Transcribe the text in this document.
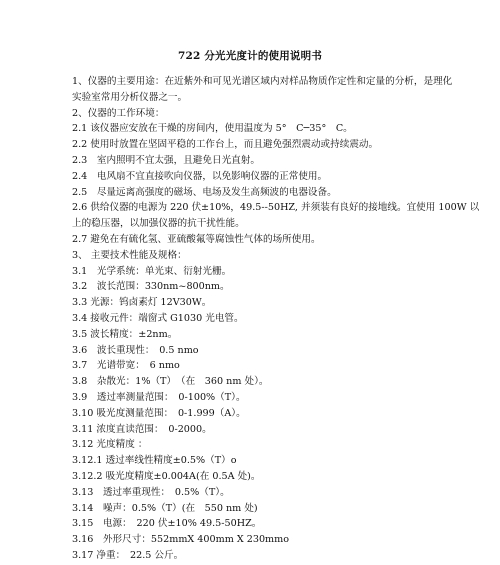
722 分光光度计的使用说明书
1、仪器的主要用途：在近紫外和可见光谱区域内对样品物质作定性和定量的分析，是理化
实验室常用分析仪器之一。
2、仪器的工作环境：
2.1 该仪器应安放在干燥的房间内，使用温度为 5°　C─35°　C。
2.2 使用时放置在坚固平稳的工作台上，而且避免强烈震动或持续震动。
2.3　室内照明不宜太强，且避免日光直射。
2.4　电风扇不宜直接吹向仪器，以免影响仪器的正常使用。
2.5　尽量远离高强度的磁场、电场及发生高频波的电器设备。
2.6 供给仪器的电源为 220 伏±10%，49.5--50HZ, 并须装有良好的接地线。宜使用 100W 以
上的稳压器，以加强仪器的抗干扰性能。
2.7 避免在有硫化氢、亚硫酸氟等腐蚀性气体的场所使用。
3、 主要技术性能及规格：
3.1　光学系统：单光束、衍射光栅。
3.2　波长范围：330nm~800nm。
3.3 光源：钨卤素灯 12V30W。
3.4 接收元件：端窗式 G1030 光电管。
3.5 波长精度：±2nm。
3.6　波长重现性：　0.5 nmo
3.7　光谱带宽：　6 nmo
3.8　杂散光：1%（T）　（在　360 nm 处）。
3.9　透过率测量范围：　0-100%（T）。
3.10 吸光度测量范围：　0-1.999（A）。
3.11 浓度直读范围：　0-2000。
3.12 光度精度 ：
3.12.1 透过率线性精度±0.5%（T）o
3.12.2 吸光度精度±0.004A(在 0.5A 处)。
3.13　透过率重现性：　0.5%（T）。
3.14　噪声：0.5%（T）(在　550 nm 处)
3.15　电源：　220 伏±10% 49.5-50HZ。
3.16　外形尺寸：552mmX 400mm X 230mmo
3.17 净重：　22.5 公斤。
